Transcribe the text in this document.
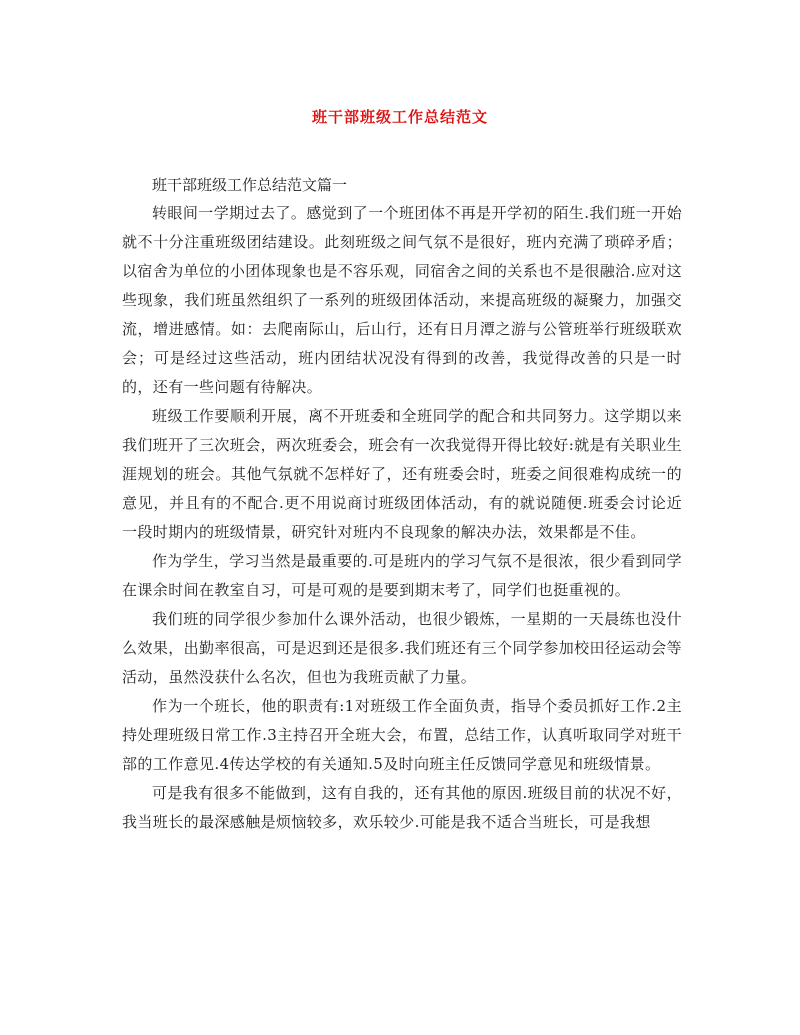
班干部班级工作总结范文

班干部班级工作总结范文篇一

转眼间一学期过去了。感觉到了一个班团体不再是开学初的陌生.我们班一开始就不十分注重班级团结建设。此刻班级之间气氛不是很好，班内充满了琐碎矛盾；以宿舍为单位的小团体现象也是不容乐观，同宿舍之间的关系也不是很融洽.应对这些现象，我们班虽然组织了一系列的班级团体活动，来提高班级的凝聚力，加强交流，增进感情。如：去爬南际山，后山行，还有日月潭之游与公管班举行班级联欢会；可是经过这些活动，班内团结状况没有得到的改善，我觉得改善的只是一时的，还有一些问题有待解决。

班级工作要顺利开展，离不开班委和全班同学的配合和共同努力。这学期以来我们班开了三次班会，两次班委会，班会有一次我觉得开得比较好:就是有关职业生涯规划的班会。其他气氛就不怎样好了，还有班委会时，班委之间很难构成统一的意见，并且有的不配合.更不用说商讨班级团体活动，有的就说随便.班委会讨论近一段时期内的班级情景，研究针对班内不良现象的解决办法，效果都是不佳。

作为学生，学习当然是最重要的.可是班内的学习气氛不是很浓，很少看到同学在课余时间在教室自习，可是可观的是要到期末考了，同学们也挺重视的。

我们班的同学很少参加什么课外活动，也很少锻炼，一星期的一天晨练也没什么效果，出勤率很高，可是迟到还是很多.我们班还有三个同学参加校田径运动会等活动，虽然没获什么名次，但也为我班贡献了力量。

作为一个班长，他的职责有:1对班级工作全面负责，指导个委员抓好工作.2主持处理班级日常工作.3主持召开全班大会，布置，总结工作，认真听取同学对班干部的工作意见.4传达学校的有关通知.5及时向班主任反馈同学意见和班级情景。

可是我有很多不能做到，这有自我的，还有其他的原因.班级目前的状况不好，我当班长的最深感触是烦恼较多，欢乐较少.可能是我不适合当班长，可是我想
